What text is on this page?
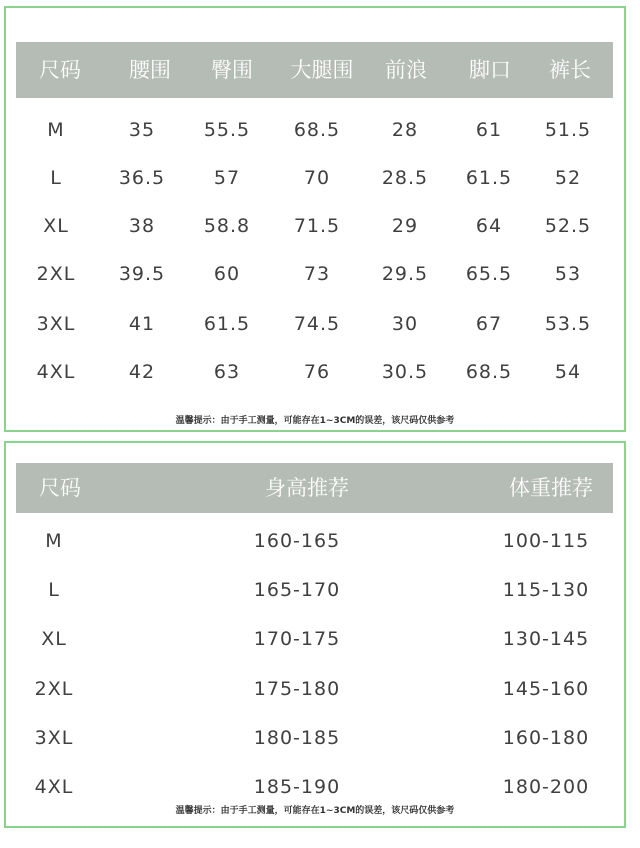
尺码	腰围	臀围	大腿围	前浪	脚口	裤长
M	35	55.5	68.5	28	61	51.5
L	36.5	57	70	28.5	61.5	52
XL	38	58.8	71.5	29	64	52.5
2XL	39.5	60	73	29.5	65.5	53
3XL	41	61.5	74.5	30	67	53.5
4XL	42	63	76	30.5	68.5	54
温馨提示：由于手工测量，可能存在1~3CM的误差，该尺码仅供参考
尺码	身高推荐	体重推荐
M	160-165	100-115
L	165-170	115-130
XL	170-175	130-145
2XL	175-180	145-160
3XL	180-185	160-180
4XL	185-190	180-200
温馨提示：由于手工测量，可能存在1~3CM的误差，该尺码仅供参考
